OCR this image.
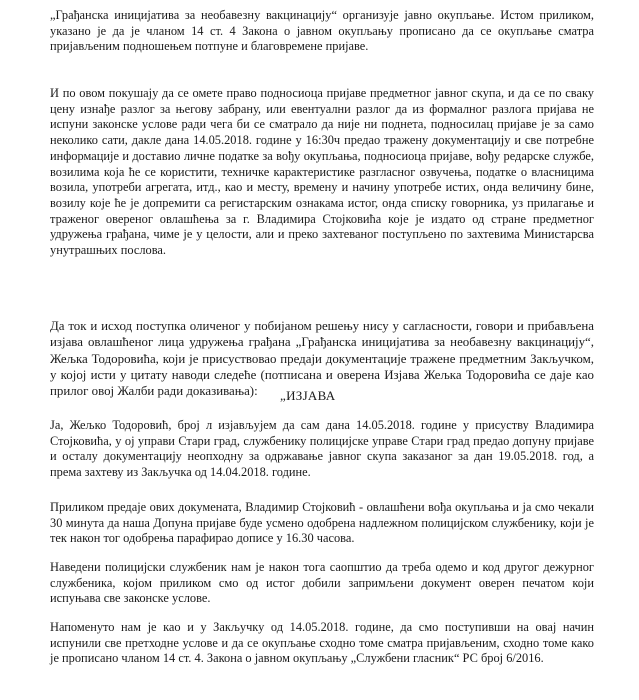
„Грађанска иницијатива за необавезну вакцинацију“ организује јавно окупљање. Истом приликом, указано је да је чланом 14 ст. 4 Закона о јавном окупљању прописано да се окупљање сматра пријављеним подношењем потпуне и благовремене пријаве.

И по овом покушају да се омете право подносиоца пријаве предметног јавног скупа, и да се по сваку цену изнађе разлог за његову забрану, или евентуални разлог да из формалног разлога пријава не испуни законске услове ради чега би се сматрало да није ни поднета, подносилац пријаве је за само неколико сати, дакле дана 14.05.2018. године у 16:30ч предао тражену документацију и све потребне информације и доставио личне податке за вођу окупљања, подносиоца пријаве, вођу редарске службе, возилима која ће се користити, техничке карактеристике разгласног озвучења, податке о власницима возила, употреби агрегата, итд., као и месту, времену и начину употребе истих, онда величину бине, возилу које ће је допремити са регистарским ознакама истог, онда списку говорника, уз прилагање и траженог овереног овлашћења за г. Владимира Стојковића које је издато од стране предметног удружења грађана, чиме је у целости, али и преко захтеваног поступљено по захтевима Министарсва унутрашњих послова.

Да ток и исход поступка оличеног у побијаном решењу нису у сагласности, говори и прибављена изјава овлашћеног лица удружења грађана „Грађанска иницијатива за необавезну вакцинацију“, Жељка Тодоровића, који је присуствовао предаји документације тражене предметним Закључком, у којој исти у цитату наводи следеће (потписана и оверена Изјава Жељка Тодоровића се даје као прилог овој Жалби ради доказивања):	„ИЗЈАВА

Ја, Жељко Тодоровић, број л изјављујем да сам дана 14.05.2018. године у присуству Владимира Стојковића, у ој управи Стари град, службенику полицијске управе Стари град предао допуну пријаве и осталу документацију неопходну за одржавање јавног скупа заказаног за дан 19.05.2018. год, а према захтеву из Закључка од 14.04.2018. године.

Приликом предаје ових докумената, Владимир Стојковић - овлашћени вођа окупљања и ја смо чекали 30 минута да наша Допуна пријаве буде усмено одобрена надлежном полицијском службенику, који је тек након тог одобрења парафирао дописе у 16.30 часова.

Наведени полицијски службеник нам је након тога саопштио да треба одемо и код другог дежурног службеника, којом приликом смо од истог добили запримљени документ оверен печатом који испуњава све законске услове.

Напоменуто нам је као и у Закључку од 14.05.2018. године, да смо поступивши на овај начин испунили све претходне услове и да се окупљање сходно томе сматра пријављеним, сходно томе како је прописано чланом 14 ст. 4. Закона о јавном окупљању „Службени гласник“ РС број 6/2016.
